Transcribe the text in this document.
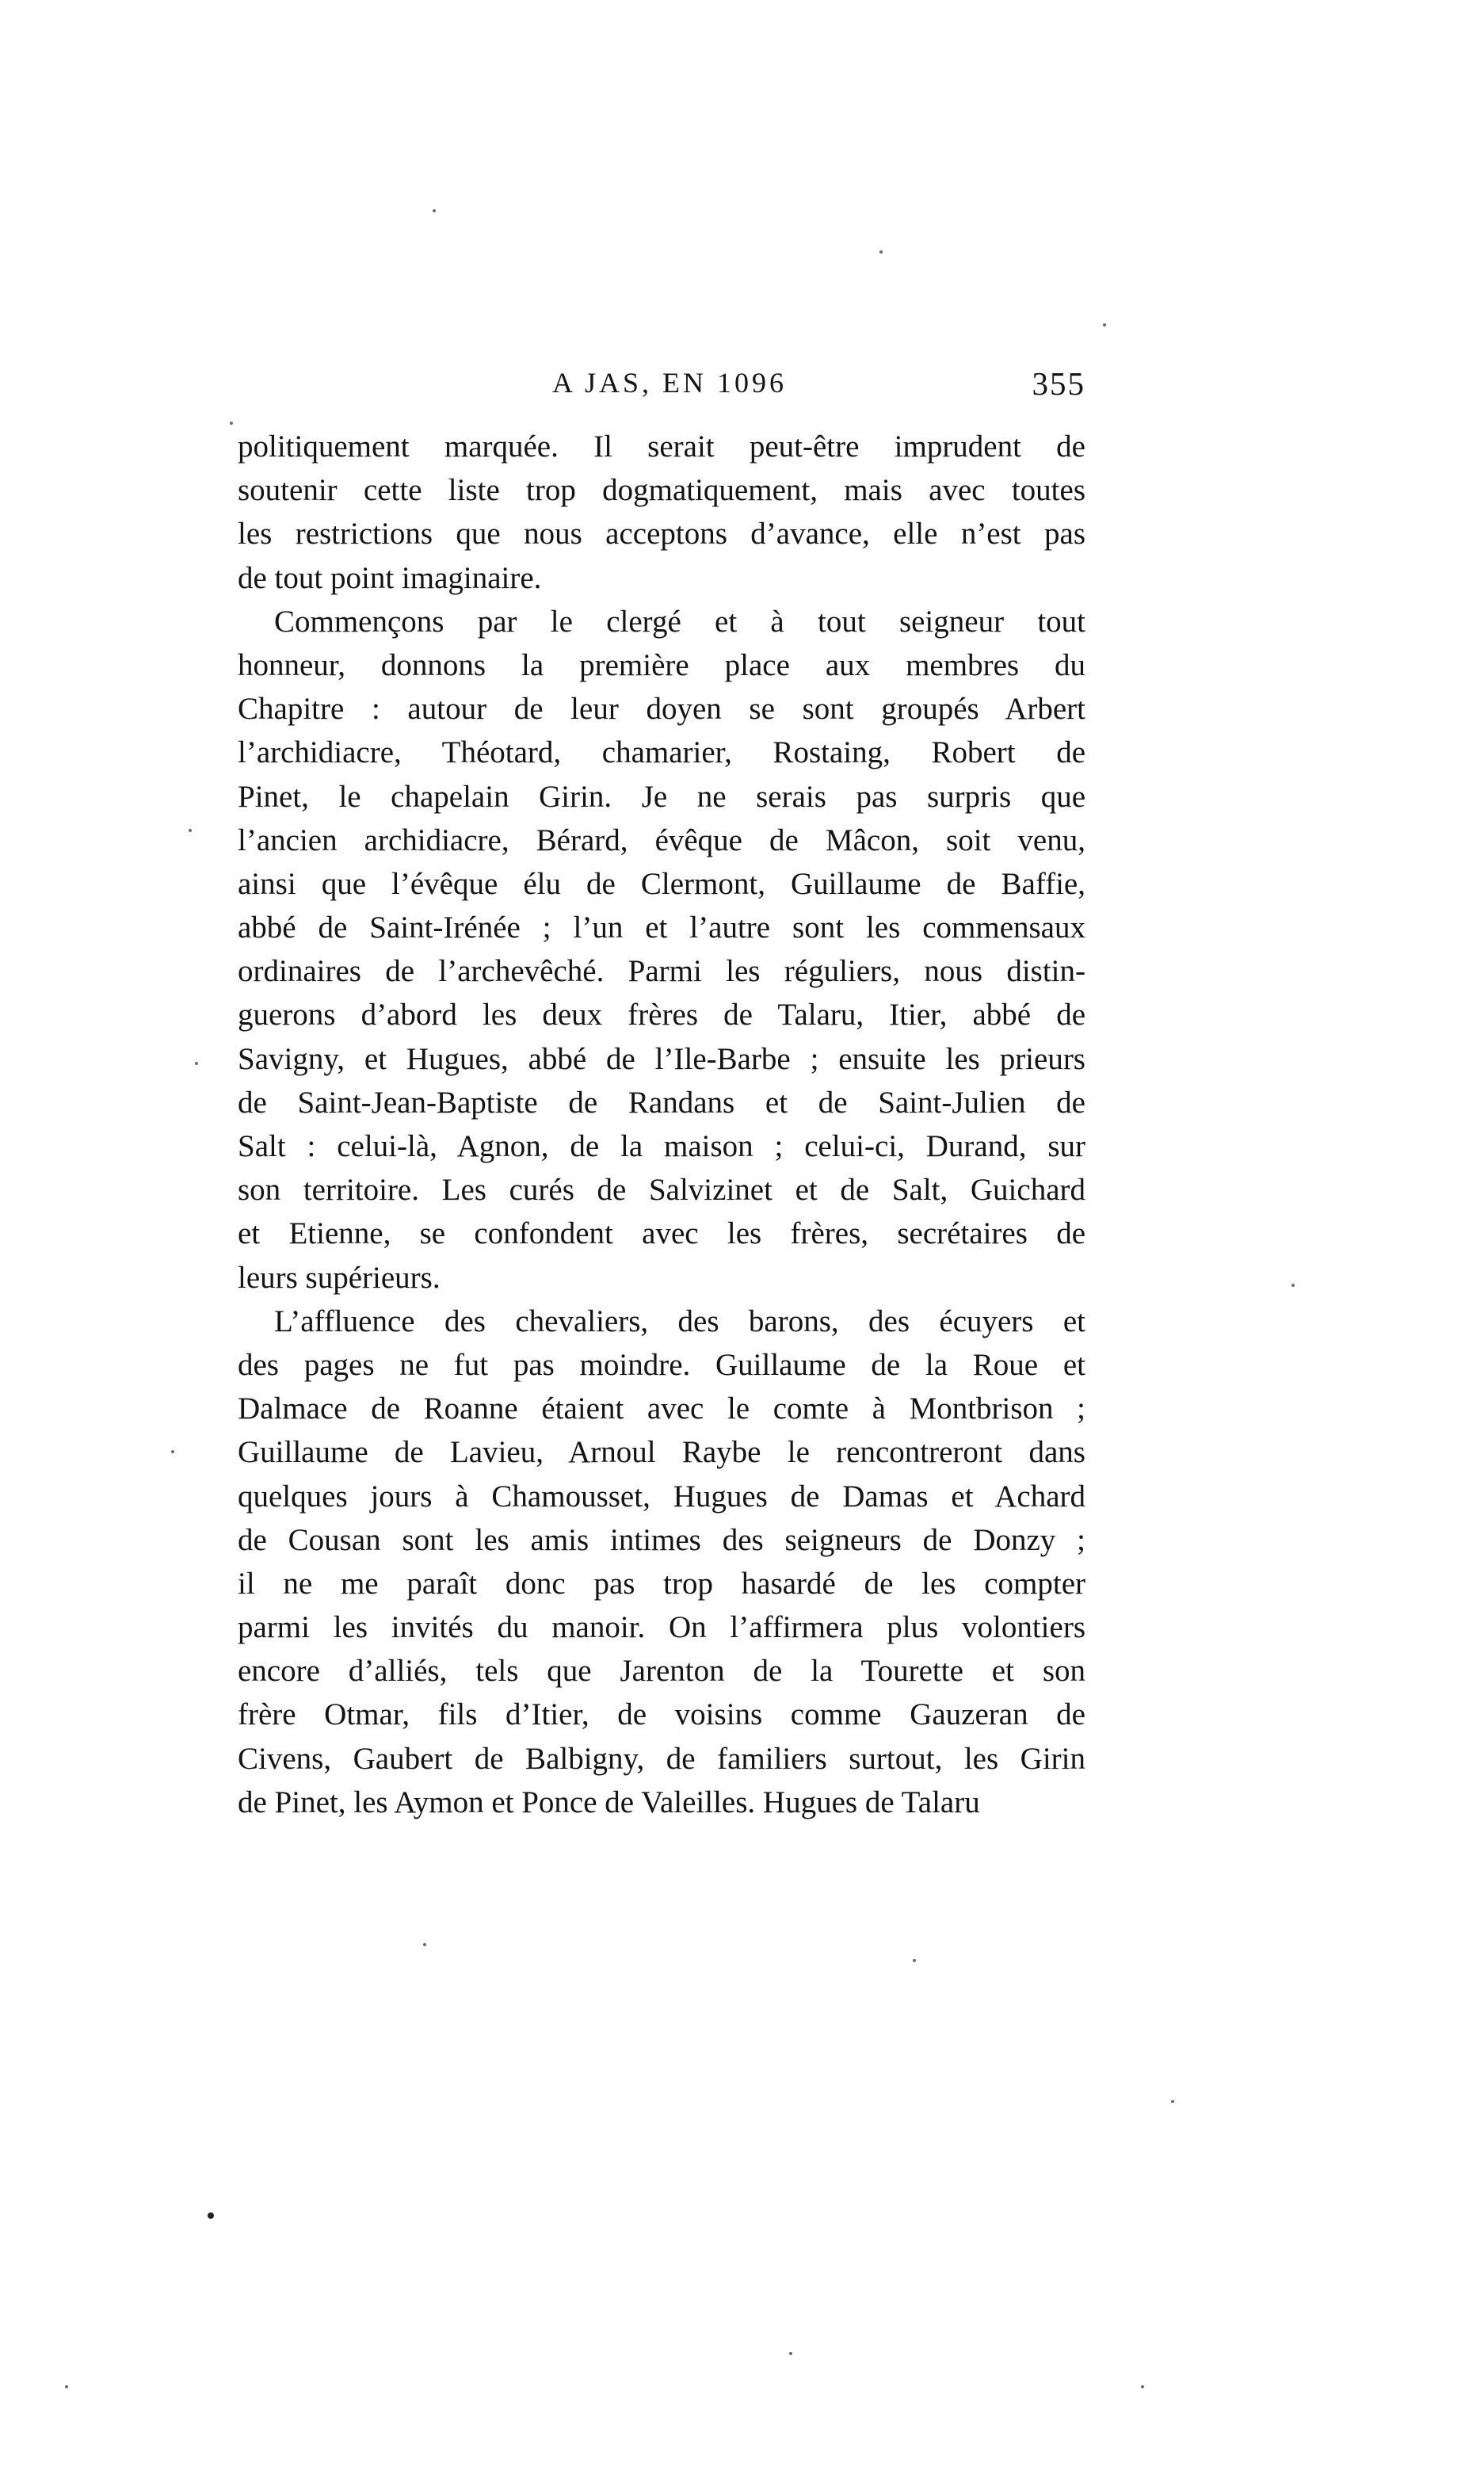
A JAS, EN 1096	355
politiquement marquée. Il serait peut-être imprudent de
soutenir cette liste trop dogmatiquement, mais avec toutes
les restrictions que nous acceptons d’avance, elle n’est pas
de tout point imaginaire.
Commençons par le clergé et à tout seigneur tout
honneur, donnons la première place aux membres du
Chapitre : autour de leur doyen se sont groupés Arbert
l’archidiacre, Théotard, chamarier, Rostaing, Robert de
Pinet, le chapelain Girin. Je ne serais pas surpris que
l’ancien archidiacre, Bérard, évêque de Mâcon, soit venu,
ainsi que l’évêque élu de Clermont, Guillaume de Baffie,
abbé de Saint-Irénée ; l’un et l’autre sont les commensaux
ordinaires de l’archevêché. Parmi les réguliers, nous distin-
guerons d’abord les deux frères de Talaru, Itier, abbé de
Savigny, et Hugues, abbé de l’Ile-Barbe ; ensuite les prieurs
de Saint-Jean-Baptiste de Randans et de Saint-Julien de
Salt : celui-là, Agnon, de la maison ; celui-ci, Durand, sur
son territoire. Les curés de Salvizinet et de Salt, Guichard
et Etienne, se confondent avec les frères, secrétaires de
leurs supérieurs.
L’affluence des chevaliers, des barons, des écuyers et
des pages ne fut pas moindre. Guillaume de la Roue et
Dalmace de Roanne étaient avec le comte à Montbrison ;
Guillaume de Lavieu, Arnoul Raybe le rencontreront dans
quelques jours à Chamousset, Hugues de Damas et Achard
de Cousan sont les amis intimes des seigneurs de Donzy ;
il ne me paraît donc pas trop hasardé de les compter
parmi les invités du manoir. On l’affirmera plus volontiers
encore d’alliés, tels que Jarenton de la Tourette et son
frère Otmar, fils d’Itier, de voisins comme Gauzeran de
Civens, Gaubert de Balbigny, de familiers surtout, les Girin
de Pinet, les Aymon et Ponce de Valeilles. Hugues de Talaru
